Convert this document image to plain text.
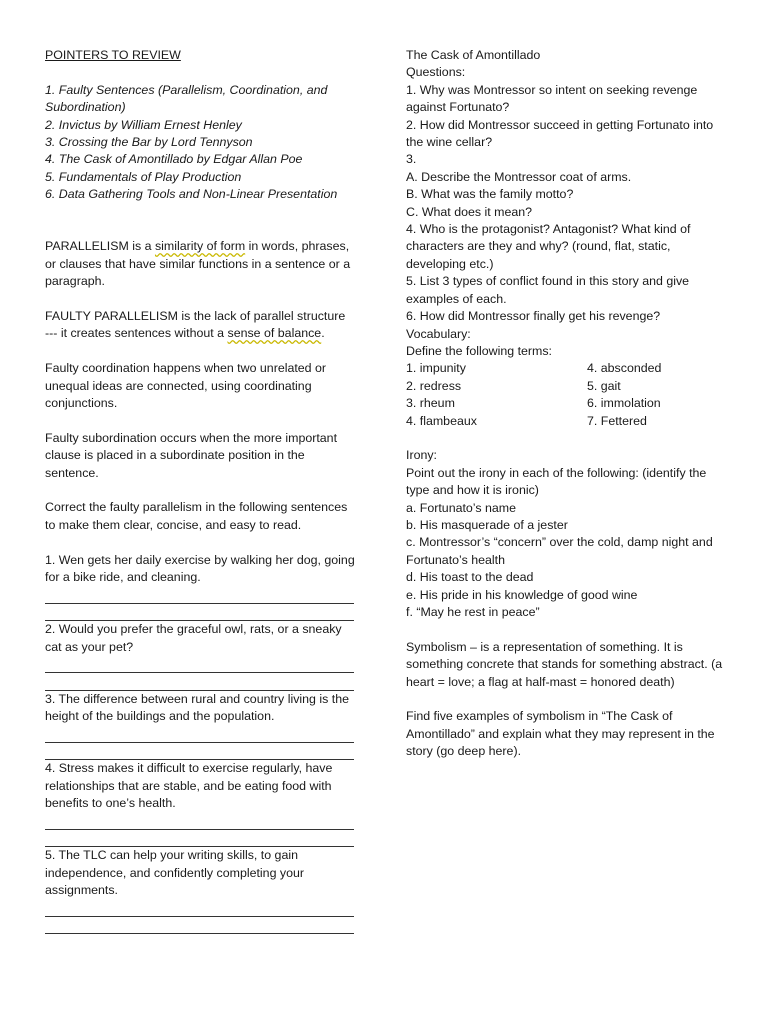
POINTERS TO REVIEW

1. Faulty Sentences (Parallelism, Coordination, and Subordination)

2. Invictus by William Ernest Henley

3. Crossing the Bar by Lord Tennyson

4. The Cask of Amontillado by Edgar Allan Poe

5. Fundamentals of Play Production

6. Data Gathering Tools and Non-Linear Presentation

PARALLELISM is a similarity of form in words, phrases, or clauses that have similar functions in a sentence or a paragraph.

FAULTY PARALLELISM is the lack of parallel structure

--- it creates sentences without a sense of balance.

Faulty coordination happens when two unrelated or unequal ideas are connected, using coordinating conjunctions.

Faulty subordination occurs when the more important clause is placed in a subordinate position in the sentence.

Correct the faulty parallelism in the following sentences to make them clear, concise, and easy to read.

1. Wen gets her daily exercise by walking her dog, going for a bike ride, and cleaning.

2. Would you prefer the graceful owl, rats, or a sneaky cat as your pet?

3. The difference between rural and country living is the height of the buildings and the population.

4. Stress makes it difficult to exercise regularly, have relationships that are stable, and be eating food with benefits to one’s health.

5. The TLC can help your writing skills, to gain independence, and confidently completing your assignments.

The Cask of Amontillado

Questions:

1. Why was Montressor so intent on seeking revenge against Fortunato?

2. How did Montressor succeed in getting Fortunato into the wine cellar?

3.

A. Describe the Montressor coat of arms.

B. What was the family motto?

C. What does it mean?

4. Who is the protagonist? Antagonist? What kind of characters are they and why? (round, flat, static, developing etc.)

5. List 3 types of conflict found in this story and give examples of each.

6. How did Montressor finally get his revenge?

Vocabulary:

Define the following terms:

1. impunity	4. absconded

2. redress	5. gait

3. rheum	6. immolation

4. flambeaux	7. Fettered

Irony:

Point out the irony in each of the following: (identify the type and how it is ironic)

a. Fortunato’s name

b. His masquerade of a jester

c. Montressor’s “concern” over the cold, damp night and Fortunato’s health

d. His toast to the dead

e. His pride in his knowledge of good wine

f. “May he rest in peace”

Symbolism – is a representation of something. It is something concrete that stands for something abstract. (a heart = love; a flag at half-mast = honored death)

Find five examples of symbolism in “The Cask of Amontillado” and explain what they may represent in the story (go deep here).
